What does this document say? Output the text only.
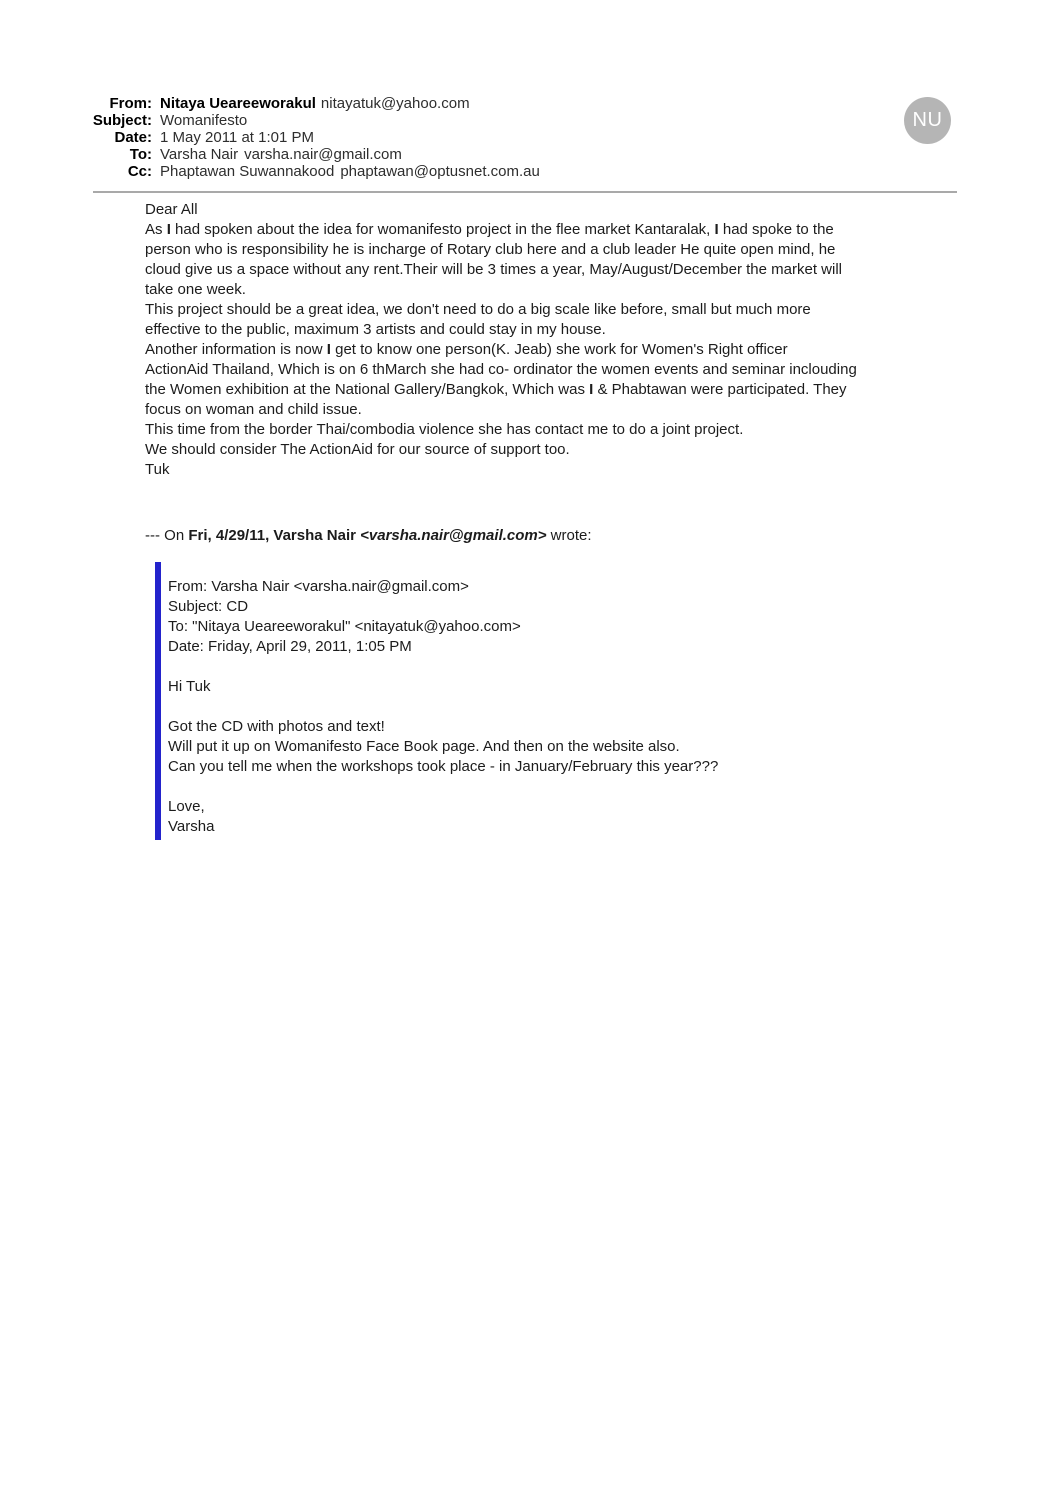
From: Nitaya Ueareeworakul nitayatuk@yahoo.com
Subject: Womanifesto
Date: 1 May 2011 at 1:01 PM
To: Varsha Nair varsha.nair@gmail.com
Cc: Phaptawan Suwannakood phaptawan@optusnet.com.au
NU
Dear All
As I had spoken about the idea for womanifesto project in the flee market Kantaralak, I had spoke to the
person who is responsibility he is incharge of Rotary club here and a club leader He quite open mind, he
cloud give us a space without any rent.Their will be 3 times a year, May/August/December the market will
take one week.
This project should be a great idea, we don't need to do a big scale like before, small but much more
effective to the public, maximum 3 artists and could stay in my house.
Another information is now I get to know one person(K. Jeab) she work for Women's Right officer
ActionAid Thailand, Which is on 6 thMarch she had co- ordinator the women events and seminar inclouding
the Women exhibition at the National Gallery/Bangkok, Which was I & Phabtawan were participated. They
focus on woman and child issue.
This time from the border Thai/combodia violence she has contact me to do a joint project.
We should consider The ActionAid for our source of support too.
Tuk
--- On Fri, 4/29/11, Varsha Nair <varsha.nair@gmail.com> wrote:
From: Varsha Nair <varsha.nair@gmail.com>
Subject: CD
To: "Nitaya Ueareeworakul" <nitayatuk@yahoo.com>
Date: Friday, April 29, 2011, 1:05 PM

Hi Tuk

Got the CD with photos and text!
Will put it up on Womanifesto Face Book page. And then on the website also.
Can you tell me when the workshops took place - in January/February this year???

Love,
Varsha
